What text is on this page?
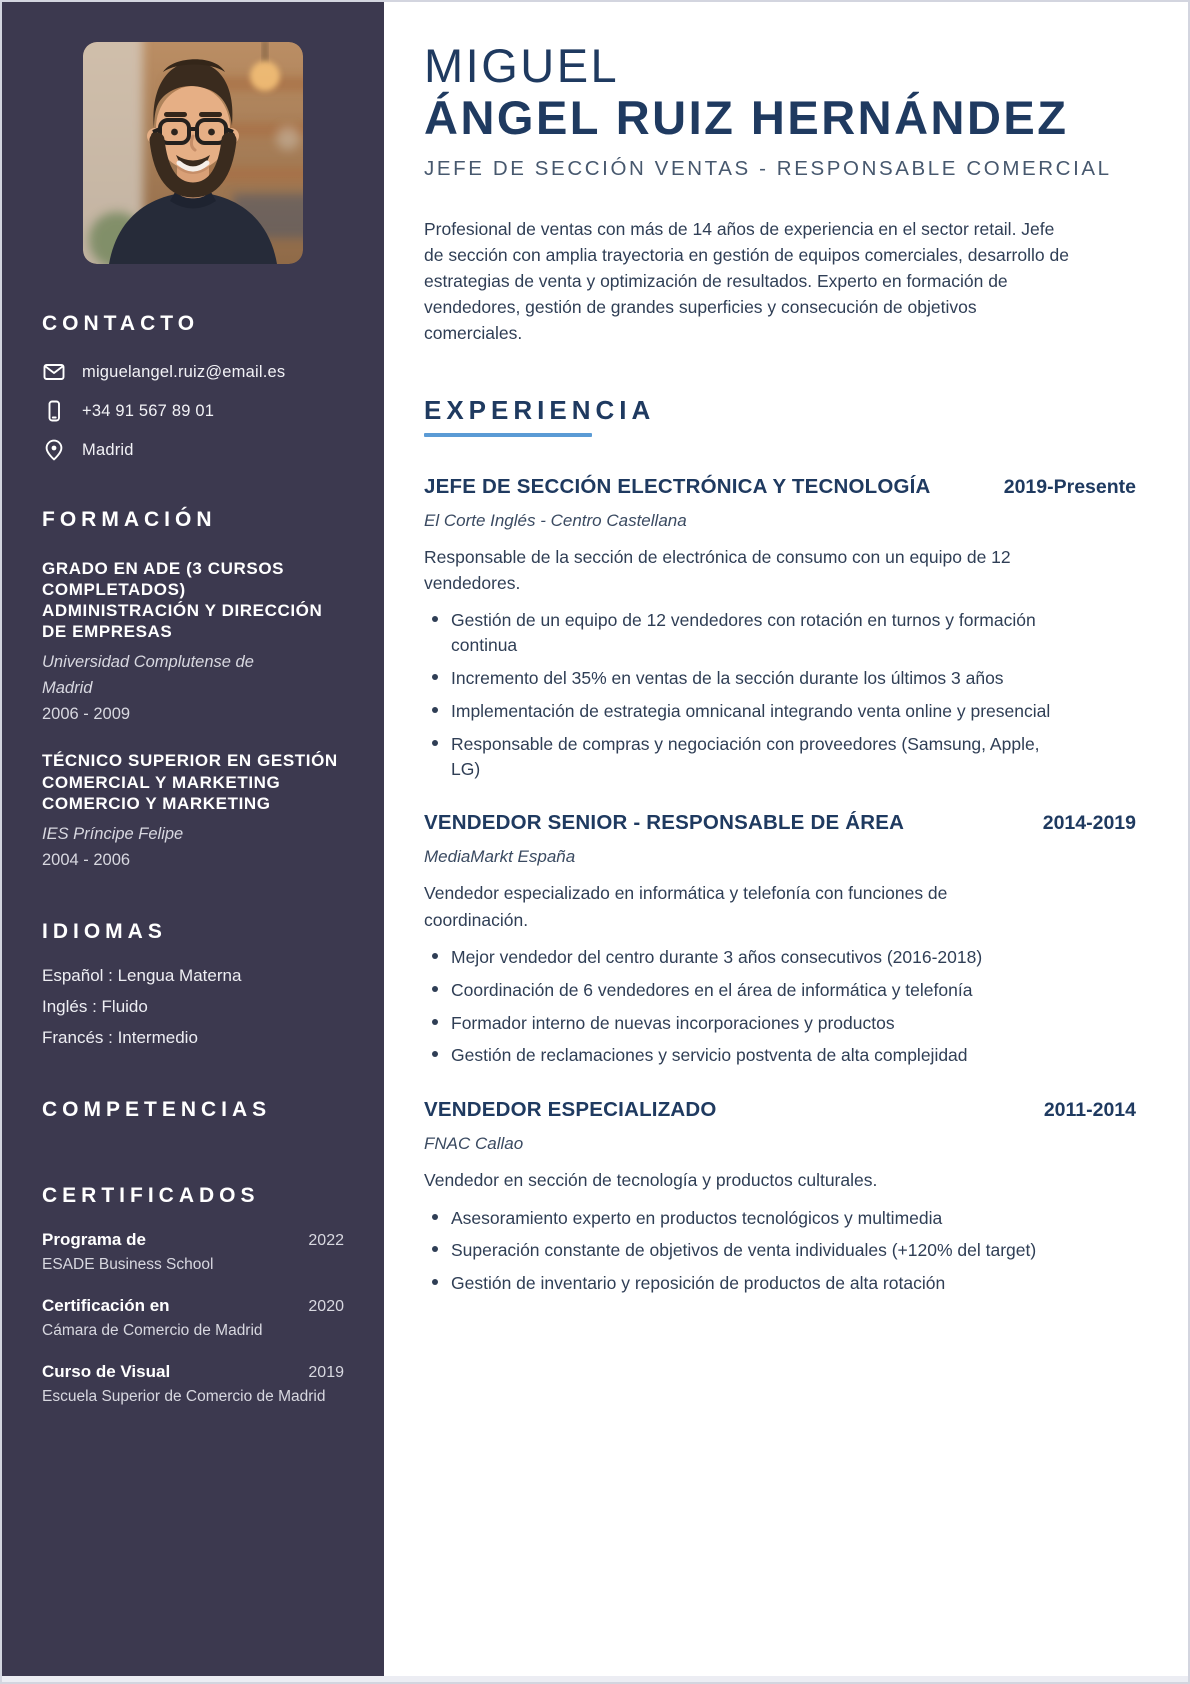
CONTACTO
miguelangel.ruiz@email.es
+34 91 567 89 01
Madrid
FORMACIÓN
GRADO EN ADE (3 CURSOS COMPLETADOS) ADMINISTRACIÓN Y DIRECCIÓN DE EMPRESAS
Universidad Complutense de Madrid
2006 - 2009
TÉCNICO SUPERIOR EN GESTIÓN COMERCIAL Y MARKETING COMERCIO Y MARKETING
IES Príncipe Felipe
2004 - 2006
IDIOMAS
Español : Lengua Materna
Inglés : Fluido
Francés : Intermedio
COMPETENCIAS
CERTIFICADOS
Programa de	2022
ESADE Business School
Certificación en	2020
Cámara de Comercio de Madrid
Curso de Visual	2019
Escuela Superior de Comercio de Madrid
MIGUEL
ÁNGEL RUIZ HERNÁNDEZ
JEFE DE SECCIÓN VENTAS - RESPONSABLE COMERCIAL

Profesional de ventas con más de 14 años de experiencia en el sector retail. Jefe de sección con amplia trayectoria en gestión de equipos comerciales, desarrollo de estrategias de venta y optimización de resultados. Experto en formación de vendedores, gestión de grandes superficies y consecución de objetivos comerciales.

EXPERIENCIA
JEFE DE SECCIÓN ELECTRÓNICA Y TECNOLOGÍA	2019-Presente
El Corte Inglés - Centro Castellana

Responsable de la sección de electrónica de consumo con un equipo de 12 vendedores.

Gestión de un equipo de 12 vendedores con rotación en turnos y formación continua
Incremento del 35% en ventas de la sección durante los últimos 3 años
Implementación de estrategia omnicanal integrando venta online y presencial
Responsable de compras y negociación con proveedores (Samsung, Apple, LG)
VENDEDOR SENIOR - RESPONSABLE DE ÁREA	2014-2019
MediaMarkt España

Vendedor especializado en informática y telefonía con funciones de coordinación.

Mejor vendedor del centro durante 3 años consecutivos (2016-2018)
Coordinación de 6 vendedores en el área de informática y telefonía
Formador interno de nuevas incorporaciones y productos
Gestión de reclamaciones y servicio postventa de alta complejidad
VENDEDOR ESPECIALIZADO	2011-2014
FNAC Callao

Vendedor en sección de tecnología y productos culturales.

Asesoramiento experto en productos tecnológicos y multimedia
Superación constante de objetivos de venta individuales (+120% del target)
Gestión de inventario y reposición de productos de alta rotación
